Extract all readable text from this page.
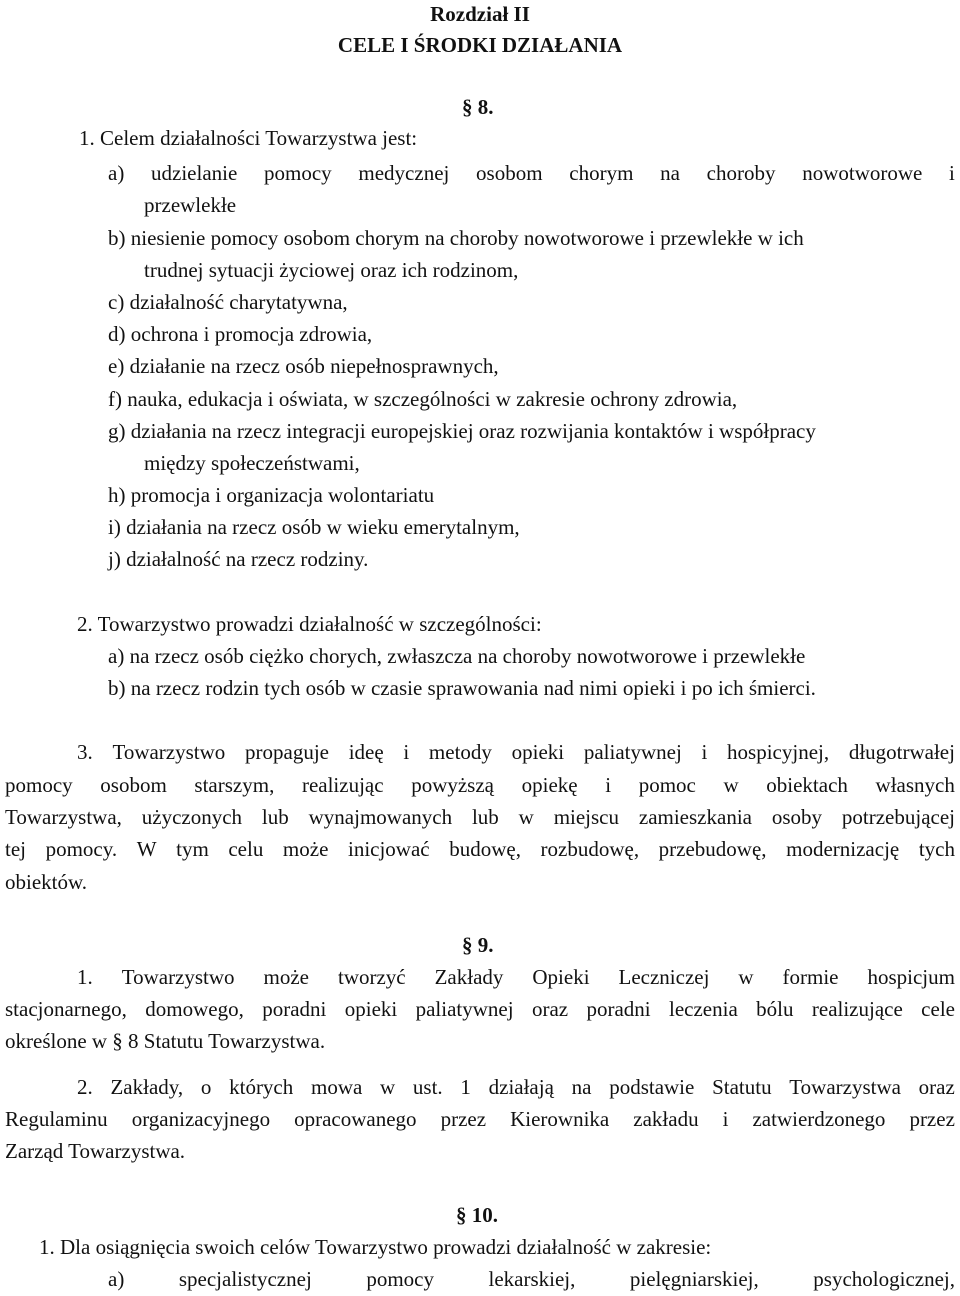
Rozdział II
CELE I ŚRODKI DZIAŁANIA
§ 8.
1. Celem działalności Towarzystwa jest:
a) udzielanie pomocy medycznej osobom chorym na choroby nowotworowe i
przewlekłe
b) niesienie pomocy osobom chorym na choroby nowotworowe i przewlekłe w ich
trudnej sytuacji życiowej oraz ich rodzinom,
c) działalność charytatywna,
d) ochrona i promocja zdrowia,
e) działanie na rzecz osób niepełnosprawnych,
f) nauka, edukacja i oświata, w szczególności w zakresie ochrony zdrowia,
g) działania na rzecz integracji europejskiej oraz rozwijania kontaktów i współpracy
między społeczeństwami,
h) promocja i organizacja wolontariatu
i) działania na rzecz osób w wieku emerytalnym,
j) działalność na rzecz rodziny.
2. Towarzystwo prowadzi działalność w szczególności:
a) na rzecz osób ciężko chorych, zwłaszcza na choroby nowotworowe i przewlekłe
b) na rzecz rodzin tych osób w czasie sprawowania nad nimi opieki i po ich śmierci.
3. Towarzystwo propaguje ideę i metody opieki paliatywnej i hospicyjnej, długotrwałej
pomocy osobom starszym, realizując powyższą opiekę i pomoc w obiektach własnych
Towarzystwa, użyczonych lub wynajmowanych lub w miejscu zamieszkania osoby potrzebującej
tej pomocy. W tym celu może inicjować budowę, rozbudowę, przebudowę, modernizację tych
obiektów.
§ 9.
1. Towarzystwo może tworzyć Zakłady Opieki Leczniczej w formie hospicjum
stacjonarnego, domowego, poradni opieki paliatywnej oraz poradni leczenia bólu realizujące cele
określone w § 8 Statutu Towarzystwa.
2. Zakłady, o których mowa w ust. 1 działają na podstawie Statutu Towarzystwa oraz
Regulaminu organizacyjnego opracowanego przez Kierownika zakładu i zatwierdzonego przez
Zarząd Towarzystwa.
§ 10.
1. Dla osiągnięcia swoich celów Towarzystwo prowadzi działalność w zakresie:
a)	specjalistycznej	pomocy	lekarskiej,	pielęgniarskiej,	psychologicznej,
